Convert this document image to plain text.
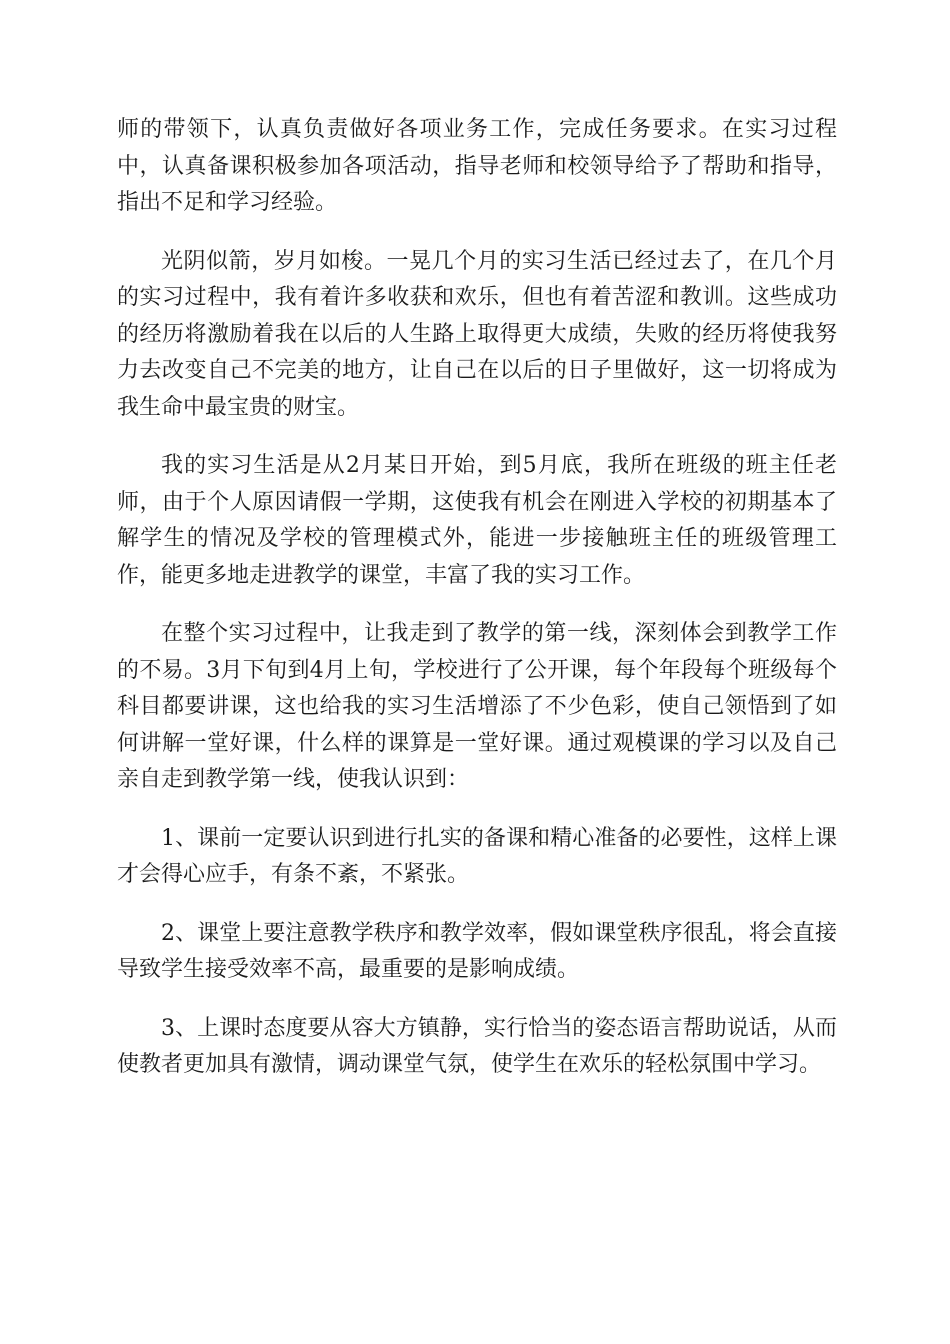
师的带领下，认真负责做好各项业务工作，完成任务要求。在实习过程中，认真备课积极参加各项活动，指导老师和校领导给予了帮助和指导，指出不足和学习经验。

光阴似箭，岁月如梭。一晃几个月的实习生活已经过去了，在几个月的实习过程中，我有着许多收获和欢乐，但也有着苦涩和教训。这些成功的经历将激励着我在以后的人生路上取得更大成绩，失败的经历将使我努力去改变自己不完美的地方，让自己在以后的日子里做好，这一切将成为我生命中最宝贵的财宝。

我的实习生活是从2月某日开始，到5月底，我所在班级的班主任老师，由于个人原因请假一学期，这使我有机会在刚进入学校的初期基本了解学生的情况及学校的管理模式外，能进一步接触班主任的班级管理工作，能更多地走进教学的课堂，丰富了我的实习工作。

在整个实习过程中，让我走到了教学的第一线，深刻体会到教学工作的不易。3月下旬到4月上旬，学校进行了公开课，每个年段每个班级每个科目都要讲课，这也给我的实习生活增添了不少色彩，使自己领悟到了如何讲解一堂好课，什么样的课算是一堂好课。通过观模课的学习以及自己亲自走到教学第一线，使我认识到：

1、课前一定要认识到进行扎实的备课和精心准备的必要性，这样上课才会得心应手，有条不紊，不紧张。

2、课堂上要注意教学秩序和教学效率，假如课堂秩序很乱，将会直接导致学生接受效率不高，最重要的是影响成绩。

3、上课时态度要从容大方镇静，实行恰当的姿态语言帮助说话，从而使教者更加具有激情，调动课堂气氛，使学生在欢乐的轻松氛围中学习。
